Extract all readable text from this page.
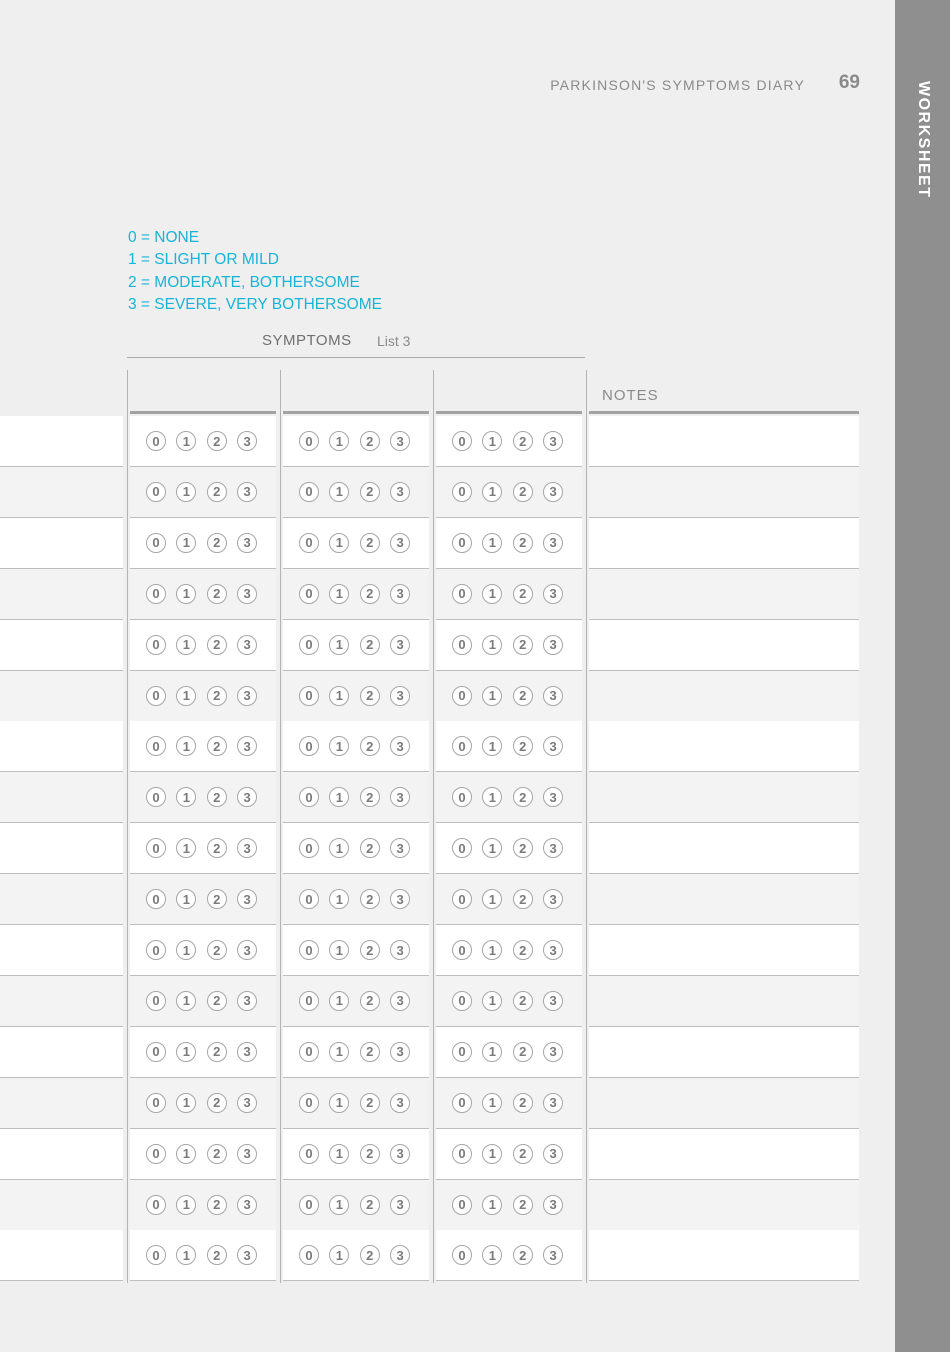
WORKSHEET
PARKINSON'S SYMPTOMS DIARY	69
0 = NONE
1 = SLIGHT OR MILD
2 = MODERATE, BOTHERSOME
3 = SEVERE, VERY BOTHERSOME
SYMPTOMS List 3
NOTES
0	1	2	3	0	1	2	3	0	1	2	3
0	1	2	3	0	1	2	3	0	1	2	3
0	1	2	3	0	1	2	3	0	1	2	3
0	1	2	3	0	1	2	3	0	1	2	3
0	1	2	3	0	1	2	3	0	1	2	3
0	1	2	3	0	1	2	3	0	1	2	3
0	1	2	3	0	1	2	3	0	1	2	3
0	1	2	3	0	1	2	3	0	1	2	3
0	1	2	3	0	1	2	3	0	1	2	3
0	1	2	3	0	1	2	3	0	1	2	3
0	1	2	3	0	1	2	3	0	1	2	3
0	1	2	3	0	1	2	3	0	1	2	3
0	1	2	3	0	1	2	3	0	1	2	3
0	1	2	3	0	1	2	3	0	1	2	3
0	1	2	3	0	1	2	3	0	1	2	3
0	1	2	3	0	1	2	3	0	1	2	3
0	1	2	3	0	1	2	3	0	1	2	3
